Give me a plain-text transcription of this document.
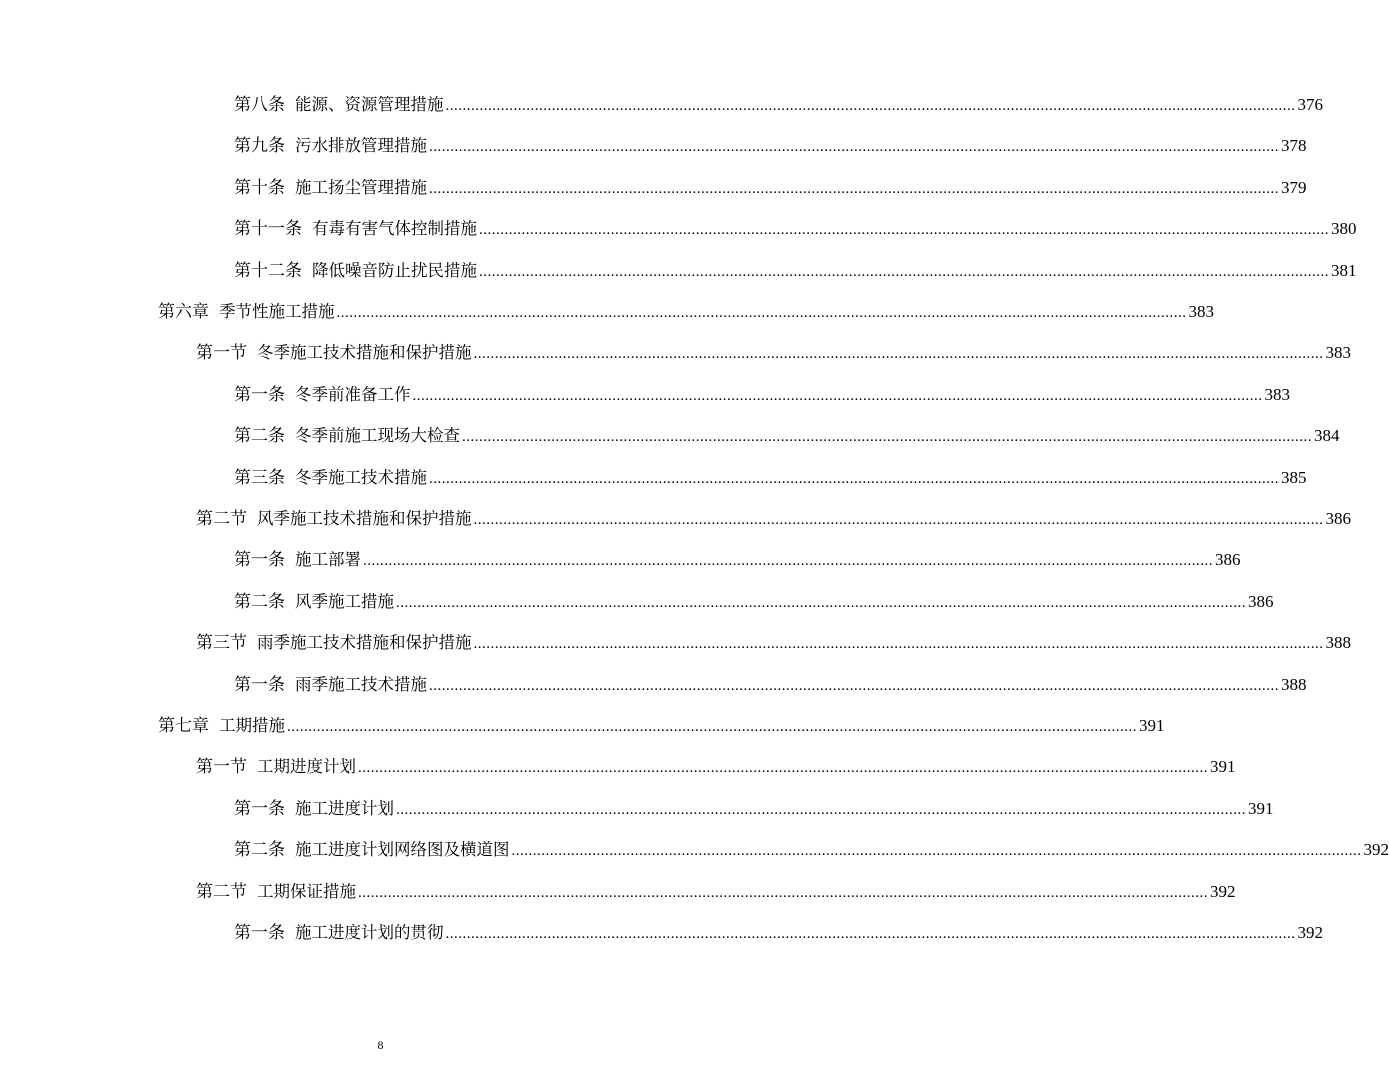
第八条 能源、资源管理措施 ........................................................................................................................................................................................................ 376
第九条 污水排放管理措施 ........................................................................................................................................................................................................ 378
第十条 施工扬尘管理措施 ........................................................................................................................................................................................................ 379
第十一条 有毒有害气体控制措施 ........................................................................................................................................................................................................ 380
第十二条 降低噪音防止扰民措施 ........................................................................................................................................................................................................ 381
第六章 季节性施工措施 ........................................................................................................................................................................................................ 383
第一节 冬季施工技术措施和保护措施 ........................................................................................................................................................................................................ 383
第一条 冬季前准备工作 ........................................................................................................................................................................................................ 383
第二条 冬季前施工现场大检查 ........................................................................................................................................................................................................ 384
第三条 冬季施工技术措施 ........................................................................................................................................................................................................ 385
第二节 风季施工技术措施和保护措施 ........................................................................................................................................................................................................ 386
第一条 施工部署 ........................................................................................................................................................................................................ 386
第二条 风季施工措施 ........................................................................................................................................................................................................ 386
第三节 雨季施工技术措施和保护措施 ........................................................................................................................................................................................................ 388
第一条 雨季施工技术措施 ........................................................................................................................................................................................................ 388
第七章 工期措施 ........................................................................................................................................................................................................ 391
第一节 工期进度计划 ........................................................................................................................................................................................................ 391
第一条 施工进度计划 ........................................................................................................................................................................................................ 391
第二条 施工进度计划网络图及横道图 ........................................................................................................................................................................................................ 392
第二节 工期保证措施 ........................................................................................................................................................................................................ 392
第一条 施工进度计划的贯彻 ........................................................................................................................................................................................................ 392
8
